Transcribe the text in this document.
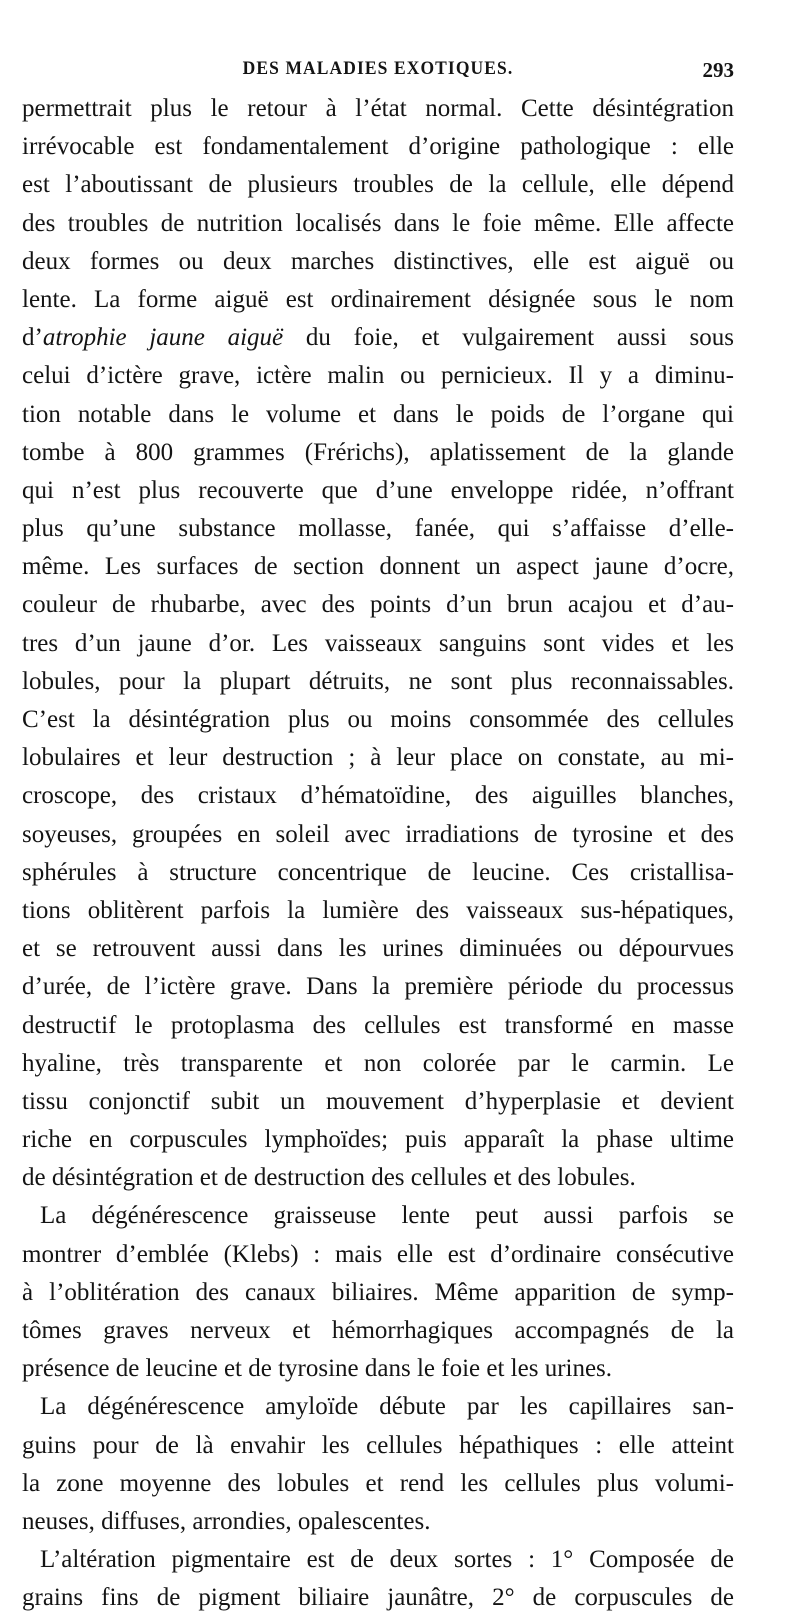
DES MALADIES EXOTIQUES.	293
permettrait plus le retour à l’état normal. Cette désintégration
irrévocable est fondamentalement d’origine pathologique : elle
est l’aboutissant de plusieurs troubles de la cellule, elle dépend
des troubles de nutrition localisés dans le foie même. Elle affecte
deux formes ou deux marches distinctives, elle est aiguë ou
lente. La forme aiguë est ordinairement désignée sous le nom
d’atrophie jaune aiguë du foie, et vulgairement aussi sous
celui d’ictère grave, ictère malin ou pernicieux. Il y a diminu-
tion notable dans le volume et dans le poids de l’organe qui
tombe à 800 grammes (Frérichs), aplatissement de la glande
qui n’est plus recouverte que d’une enveloppe ridée, n’offrant
plus qu’une substance mollasse, fanée, qui s’affaisse d’elle-
même. Les surfaces de section donnent un aspect jaune d’ocre,
couleur de rhubarbe, avec des points d’un brun acajou et d’au-
tres d’un jaune d’or. Les vaisseaux sanguins sont vides et les
lobules, pour la plupart détruits, ne sont plus reconnaissables.
C’est la désintégration plus ou moins consommée des cellules
lobulaires et leur destruction ; à leur place on constate, au mi-
croscope, des cristaux d’hématoïdine, des aiguilles blanches,
soyeuses, groupées en soleil avec irradiations de tyrosine et des
sphérules à structure concentrique de leucine. Ces cristallisa-
tions oblitèrent parfois la lumière des vaisseaux sus-hépatiques,
et se retrouvent aussi dans les urines diminuées ou dépourvues
d’urée, de l’ictère grave. Dans la première période du processus
destructif le protoplasma des cellules est transformé en masse
hyaline, très transparente et non colorée par le carmin. Le
tissu conjonctif subit un mouvement d’hyperplasie et devient
riche en corpuscules lymphoïdes; puis apparaît la phase ultime
de désintégration et de destruction des cellules et des lobules.
La dégénérescence graisseuse lente peut aussi parfois se
montrer d’emblée (Klebs) : mais elle est d’ordinaire consécutive
à l’oblitération des canaux biliaires. Même apparition de symp-
tômes graves nerveux et hémorrhagiques accompagnés de la
présence de leucine et de tyrosine dans le foie et les urines.
La dégénérescence amyloïde débute par les capillaires san-
guins pour de là envahir les cellules hépathiques : elle atteint
la zone moyenne des lobules et rend les cellules plus volumi-
neuses, diffuses, arrondies, opalescentes.
L’altération pigmentaire est de deux sortes : 1° Composée de
grains fins de pigment biliaire jaunâtre, 2° de corpuscules de
